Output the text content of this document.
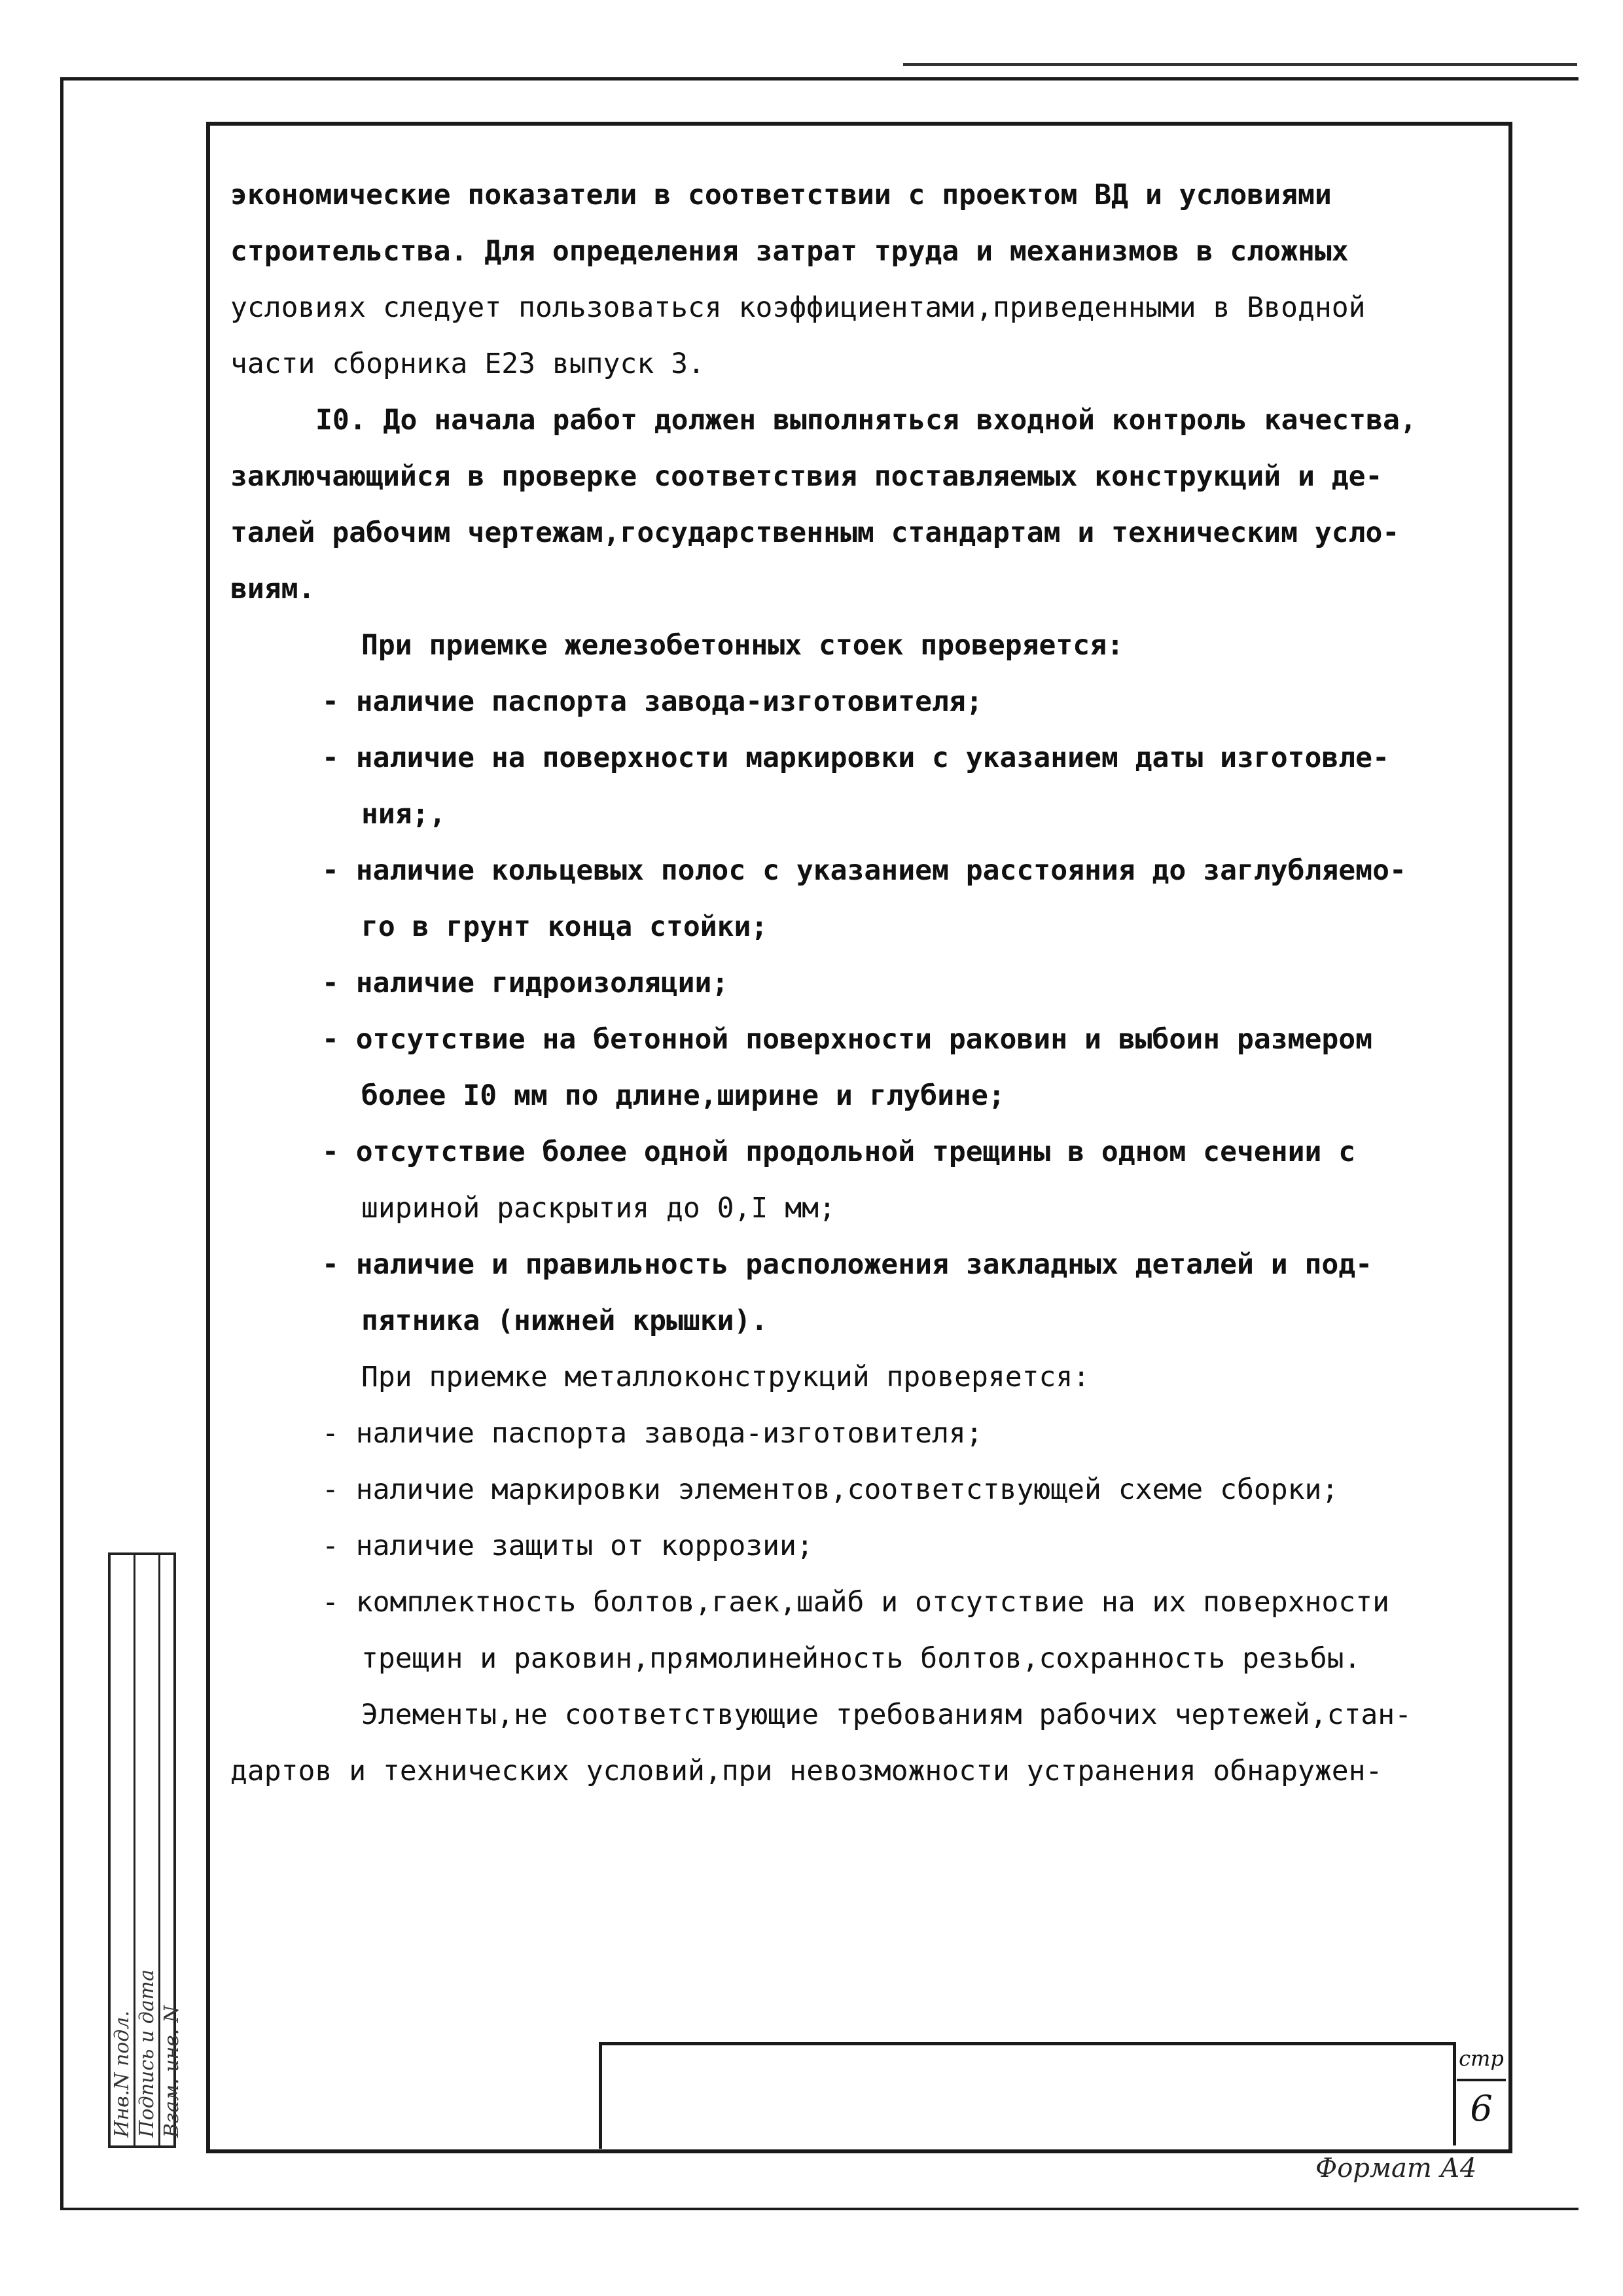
Инв.N подл. Подпись и дата Взам. инв. N

экономические показатели в соответствии с проектом ВД и условиями

строительства. Для определения затрат труда и механизмов в сложных

условиях следует пользоваться коэффициентами,приведенными в Вводной

части сборника Е23 выпуск 3.

I0. До начала работ должен выполняться входной контроль качества,

заключающийся в проверке соответствия поставляемых конструкций и де-

талей рабочим чертежам,государственным стандартам и техническим усло-

виям.

При приемке железобетонных стоек проверяется:

- наличие паспорта завода-изготовителя;

- наличие на поверхности маркировки с указанием даты изготовле-

ния;,

- наличие кольцевых полос с указанием расстояния до заглубляемо-

го в грунт конца стойки;

- наличие гидроизоляции;

- отсутствие на бетонной поверхности раковин и выбоин размером

более I0 мм по длине,ширине и глубине;

- отсутствие более одной продольной трещины в одном сечении с

шириной раскрытия до 0,I мм;

- наличие и правильность расположения закладных деталей и под-

пятника (нижней крышки).

При приемке металлоконструкций проверяется:

- наличие паспорта завода-изготовителя;

- наличие маркировки элементов,соответствующей схеме сборки;

- наличие защиты от коррозии;

- комплектность болтов,гаек,шайб и отсутствие на их поверхности

трещин и раковин,прямолинейность болтов,сохранность резьбы.

Элементы,не соответствующие требованиям рабочих чертежей,стан-

дартов и технических условий,при невозможности устранения обнаружен-

стр
6
Формат А4
